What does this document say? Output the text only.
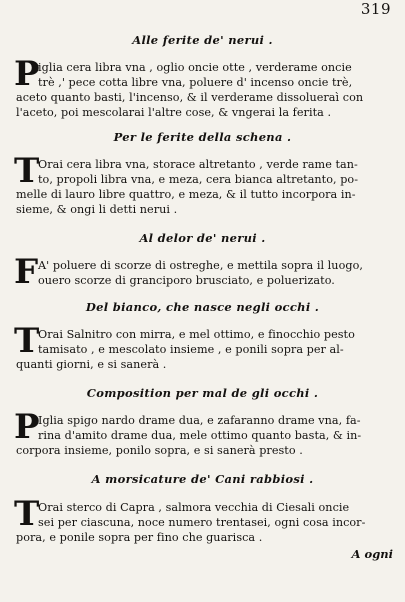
319
Alle ferite de' nerui .
P
iglia cera libra vna , oglio oncie otte , verderame oncie
trè ,' pece cotta libre vna, poluere d' incenso oncie trè,
aceto quanto basti, l'incenso, & il verderame dissolueraì con
l'aceto, poi mescolarai l'altre cose, & vngerai la ferita .
Per le ferite della schena .
T
Orai cera libra vna, storace altretanto , verde rame tan-
to, propoli libra vna, e meza, cera bianca altretanto, po-
melle di lauro libre quattro, e meza, & il tutto incorpora in-
sieme, & ongi li detti nerui .
Al delor de' nerui .
F A' poluere di scorze di ostreghe, e mettila sopra il luogo,
ouero scorze di granciporo brusciato, e poluerizato.
Del bianco, che nasce negli occhi .
T
Orai Salnitro con mirra, e mel ottimo, e finocchio pesto
tamisato , e mescolato insieme , e ponili sopra per al-
quanti giorni, e si sanerà .
Composition per mal de gli occhi .
P
Iglia spigo nardo drame dua, e zafaranno drame vna, fa-
rina d'amito drame dua, mele ottimo quanto basta, & in-
corpora insieme, ponilo sopra, e si sanerà presto .
A morsicature de' Cani rabbiosi .
T
Orai sterco di Capra , salmora vecchia di Ciesali oncie
sei per ciascuna, noce numero trentasei, ogni cosa incor-
pora, e ponile sopra per fino che guarisca .
A ogni
